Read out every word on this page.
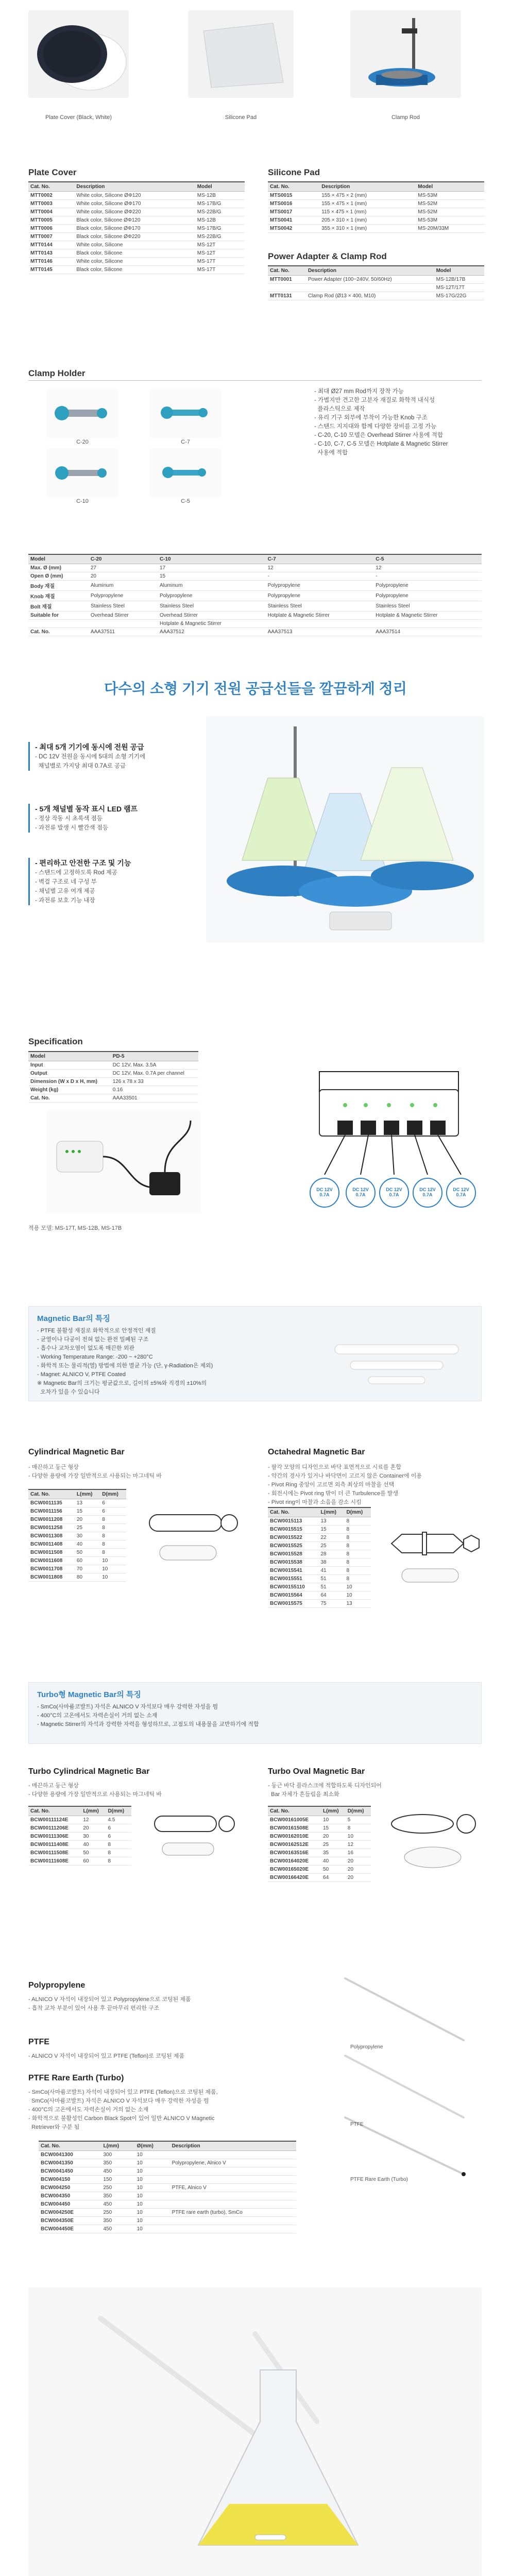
Plate Cover (Black, White)	Silicone Pad	Clamp Rod
Plate Cover
Cat. No.	Description	Model
MTT0002	White color, Silicone ØΦ120	MS-12B
MTT0003	White color, Silicone ØΦ170	MS-17B/G
MTT0004	White color, Silicone ØΦ220	MS-22B/G
MTT0005	Black color, Silicone ØΦ120	MS-12B
MTT0006	Black color, Silicone ØΦ170	MS-17B/G
MTT0007	Black color, Silicone ØΦ220	MS-22B/G
MTT0144	White color, Silicone	MS-12T
MTT0143	Black color, Silicone	MS-12T
MTT0146	White color, Silicone	MS-17T
MTT0145	Black color, Silicone	MS-17T
Silicone Pad
Cat. No.	Description	Model
MTS0015	155 × 475 × 2 (mm)	MS-53M
MTS0016	155 × 475 × 1 (mm)	MS-52M
MTS0017	115 × 475 × 1 (mm)	MS-52M
MTS0041	205 × 310 × 1 (mm)	MS-53M
MTS0042	355 × 310 × 1 (mm)	MS-20M/33M
Power Adapter & Clamp Rod
Cat. No.	Description	Model
MTT0001	Power Adapter (100~240V, 50/60Hz)	MS-12B/17B
		MS-12T/17T
MTT0131	Clamp Rod (Ø13 × 400, M10)	MS-17G/22G
Clamp Holder
C-20	C-7
C-10	C-5
- 최대 Ø27 mm Rod까지 장착 가능
- 가볍지만 견고한 고분자 재질로 화학적 내식성
플라스틱으로 제작
- 유리 기구 외부에 부착이 가능한 Knob 구조
- 스탠드 지지대와 함께 다양한 장비를 고정 가능
- C-20, C-10 모델은 Overhead Stirrer 사용에 적합
- C-10, C-7, C-5 모델은 Hotplate & Magnetic Stirrer
사용에 적합
Model	C-20	C-10	C-7	C-5
Max. Ø (mm)	27	17	12	12
Open Ø (mm)	20	15	-	-
Body 재질	Aluminum	Aluminum	Polypropylene	Polypropylene
Knob 재질	Polypropylene	Polypropylene	Polypropylene	Polypropylene
Bolt 재질	Stainless Steel	Stainless Steel	Stainless Steel	Stainless Steel
Suitable for	Overhead Stirrer	Overhead Stirrer	Hotplate & Magnetic Stirrer	Hotplate & Magnetic Stirrer
		Hotplate & Magnetic Stirrer		
Cat. No.	AAA37511	AAA37512	AAA37513	AAA37514
다수의 소형 기기 전원 공급선들을 깔끔하게 정리
- 최대 5개 기기에 동시에 전원 공급
- DC 12V 전원을 동시에 5대의 소형 기기에
채널별로 가지당 최대 0.7A로 공급
- 5개 채널별 동작 표시 LED 램프
- 정상 작동 시 초록색 점등
- 과전류 발생 시 빨간색 점등
- 편리하고 안전한 구조 및 기능
- 스탠드에 고정하도록 Rod 제공
- 벽걸 구조로 네 구성 부
- 채널별 고유 여개 제공
- 과전류 보호 기능 내장
Specification
Model	PD-5
Input	DC 12V, Max. 3.5A
Output	DC 12V, Max. 0.7A per channel
Dimension (W x D x H, mm)	126 x 78 x 33
Weight (kg)	0.16
Cat. No.	AAA33501
적용 모델: MS-17T, MS-12B, MS-17B
DC 12V 0.7A
DC 12V 0.7A
DC 12V 0.7A
DC 12V 0.7A
DC 12V 0.7A
Magnetic Bar의 특징
- PTFE 불활성 재질로 화학적으로 안정적인 재질
- 균열이나 다공이 전혀 없는 완전 밀폐된 구조
- 흡수나 교차오염이 없도록 매끈한 외관
- Working Temperature Range: -200 ~ +280°C
- 화학적 또는 물리적(열) 방법에 의한 멸균 가능 (단, γ-Radiation은 제외)
- Magnet: ALNICO V, PTFE Coated
※ Magnetic Bar의 크기는 평균값으로, 길이의 ±5%와 직경의 ±10%의
오차가 있을 수 있습니다
Cylindrical Magnetic Bar
- 매끈하고 둥근 형상
- 다양한 용량에 가장 일반적으로 사용되는 마그네틱 바
Cat. No.	L(mm)	D(mm)
BCW0011135	13	6
BCW0011156	15	6
BCW0011208	20	8
BCW0011258	25	8
BCW0011308	30	8
BCW0011408	40	8
BCW0011508	50	8
BCW0011608	60	10
BCW0011708	70	10
BCW0011808	80	10
Octahedral Magnetic Bar
- 팔각 모양의 디자인으로 바닥 표면적으로 시료를 혼합
- 약간의 경사가 있거나 바닥면이 고르지 않은 Container에 이용
- Pivot Ring 중앙이 고르면 외측 최상의 마찰을 선택
- 회전시에는 Pivot ring 밖이 더 큰 Turbulence를 발생
- Pivot ring이 마찰과 소음을 감소 시킴
Cat. No.	L(mm)	D(mm)
BCW0015113	13	8
BCW0015515	15	8
BCW0015522	22	8
BCW0015525	25	8
BCW0015528	28	8
BCW0015538	38	8
BCW0015541	41	8
BCW0015551	51	8
BCW00155110	51	10
BCW0015564	64	10
BCW0015575	75	13
Turbo형 Magnetic Bar의 특징
- SmCo(사마륨코발트) 자석은 ALNICO V 자석보다 매우 강력한 자성을 띔
- 400°C의 고온에서도 자력손실이 거의 없는 소재
- Magnetic Stirrer의 자석과 강력한 자력을 형성하므로, 고점도의 내용물을 교반하기에 적합
Turbo Cylindrical Magnetic Bar
- 매끈하고 둥근 형상
- 다양한 용량에 가장 일반적으로 사용되는 마그네틱 바
Cat. No.	L(mm)	D(mm)
BCW00111124E	12	4.5
BCW00111206E	20	6
BCW00111306E	30	6
BCW00111408E	40	8
BCW00111508E	50	8
BCW00111608E	60	8
Turbo Oval Magnetic Bar
- 둥근 바닥 플라스크에 적합하도록 디자인되어
Bar 자체가 흔들림을 최소화
Cat. No.	L(mm)	D(mm)
BCW00161005E	10	5
BCW00161508E	15	8
BCW00162010E	20	10
BCW00162512E	25	12
BCW00163516E	35	16
BCW00164020E	40	20
BCW00165020E	50	20
BCW00166420E	64	20
Polypropylene
- ALNICO V 자석이 내장되어 있고 Polypropylene으로 코팅된 제품
- 흡착 교차 부분이 있어 사용 후 끝마무리 편리한 구조
PTFE
- ALNICO V 자석이 내장되어 있고 PTFE (Teflon)로 코팅된 제품
PTFE Rare Earth (Turbo)
- SmCo(사마륨코발트) 자석이 내장되어 있고 PTFE (Teflon)으로 코팅된 제품,
SmCo(사마륨코발트) 자석은 ALNICO V 자석보다 매우 강력한 자성을 띔
- 400°C의 고온에서도 자력손실이 거의 없는 소재
- 화학적으로 불활성인 Carbon Black Spot이 있어 일반 ALNICO V Magnetic
Retriever와 구분 됨
Cat. No.	L(mm)	Ø(mm)	Description
BCW0041300	300	10	
BCW0041350	350	10	Polypropylene, Alnico V
BCW0041450	450	10	
BCW004150	150	10	
BCW004250	250	10	PTFE, Alnico V
BCW004350	350	10	
BCW004450	450	10	
BCW004250E	250	10	PTFE rare earth (turbo), SmCo
BCW004350E	350	10	
BCW004450E	450	10	
Polypropylene
PTFE
PTFE Rare Earth (Turbo)
